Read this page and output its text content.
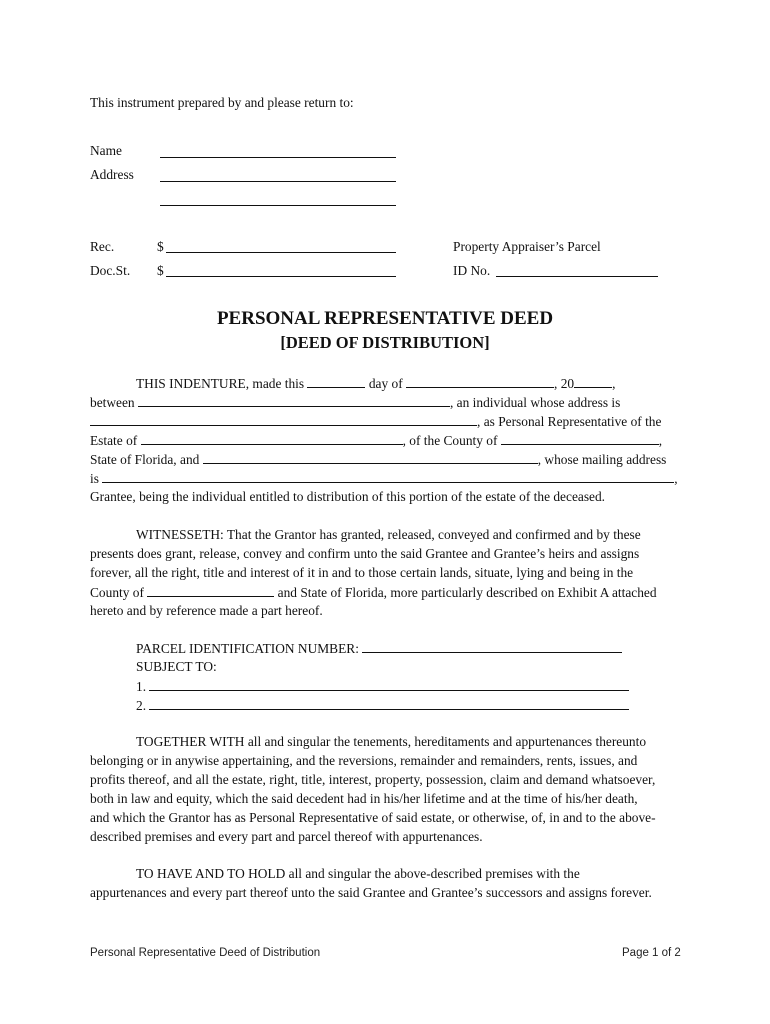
This instrument prepared by and please return to:
Name
Address
Rec.	$
Doc.St. $
Property Appraiser’s Parcel
ID No.
PERSONAL REPRESENTATIVE DEED
[DEED OF DISTRIBUTION]
THIS INDENTURE, made this	day of	, 20	,
between	, an individual whose address is
, as Personal Representative of the
Estate of	, of the County of	,
State of Florida, and	, whose mailing address
is	,
Grantee, being the individual entitled to distribution of this portion of the estate of the deceased.
WITNESSETH: That the Grantor has granted, released, conveyed and confirmed and by these
presents does grant, release, convey and confirm unto the said Grantee and Grantee’s heirs and assigns
forever, all the right, title and interest of it in and to those certain lands, situate, lying and being in the
County of	and State of Florida, more particularly described on Exhibit A attached
hereto and by reference made a part hereof.
PARCEL IDENTIFICATION NUMBER:
SUBJECT TO:
1.
2.
TOGETHER WITH all and singular the tenements, hereditaments and appurtenances thereunto
belonging or in anywise appertaining, and the reversions, remainder and remainders, rents, issues, and
profits thereof, and all the estate, right, title, interest, property, possession, claim and demand whatsoever,
both in law and equity, which the said decedent had in his/her lifetime and at the time of his/her death,
and which the Grantor has as Personal Representative of said estate, or otherwise, of, in and to the above-
described premises and every part and parcel thereof with appurtenances.
TO HAVE AND TO HOLD all and singular the above-described premises with the
appurtenances and every part thereof unto the said Grantee and Grantee’s successors and assigns forever.
Personal Representative Deed of Distribution	Page 1 of 2
